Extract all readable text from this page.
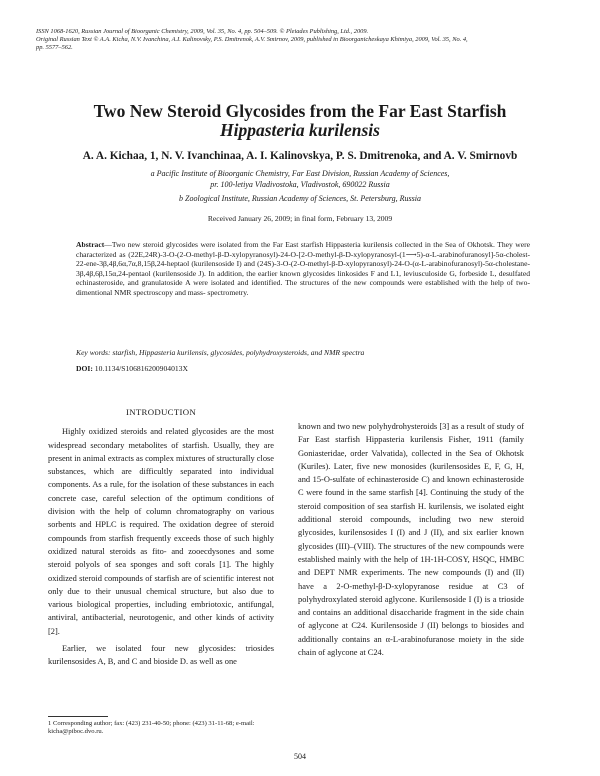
ISSN 1068-1620, Russian Journal of Bioorganic Chemistry, 2009, Vol. 35, No. 4, pp. 504–509. © Pleiades Publishing, Ltd., 2009.
Original Russian Text © A.A. Kicha, N.V. Ivanchina, A.I. Kalinovsky, P.S. Dmitrenok, A.V. Smirnov, 2009, published in Bioorganicheskaya Khimiya, 2009, Vol. 35, No. 4,
pp. 5577–562.
Two New Steroid Glycosides from the Far East Starfish
Hippasteria kurilensis
A. A. Kichaa, 1, N. V. Ivanchinaa, A. I. Kalinovskya, P. S. Dmitrenoka, and A. V. Smirnovb
a Pacific Institute of Bioorganic Chemistry, Far East Division, Russian Academy of Sciences,
pr. 100-letiya Vladivostoka, Vladivostok, 690022 Russia
b Zoological Institute, Russian Academy of Sciences, St. Petersburg, Russia
Received January 26, 2009; in final form, February 13, 2009
Abstract—Two new steroid glycosides were isolated from the Far East starfish Hippasteria kurilensis collected in the Sea of Okhotsk. They were characterized as (22E,24R)-3-O-(2-O-methyl-β-D-xylopyranosyl)-24-O-[2-O-methyl-β-D-xylopyranosyl-(1⟶5)-α-L-arabinofuranosyl]-5α-cholest-22-ene-3β,4β,6α,7α,8,15β,24-heptaol (kurilensoside I) and (24S)-3-O-(2-O-methyl-β-D-xylopyranosyl)-24-O-(α-L-arabinofuranosyl)-5α-cholestane-3β,4β,6β,15α,24-pentaol (kurilensoside J). In addition, the earlier known glycosides linkosides F and L1, leviusculoside G, forbeside L, desulfated echinasteroside, and granulatoside A were isolated and identified. The structures of the new compounds were established with the help of two-dimentional NMR spectroscopy and mass- spectrometry.
Key words: starfish, Hippasteria kurilensis, glycosides, polyhydroxysteroids, and NMR spectra
DOI: 10.1134/S106816200904013X
INTRODUCTION

Highly oxidized steroids and related glycosides are the most widespread secondary metabolites of starfish. Usually, they are present in animal extracts as complex mixtures of structurally close substances, which are difficultly separated into individual components. As a rule, for the isolation of these substances in each concrete case, careful selection of the optimum conditions of division with the help of column chromatography on various sorbents and HPLC is required. The oxidation degree of steroid compounds from starfish frequently exceeds those of such highly oxidized natural steroids as fito- and zooecdysones and some steroid polyols of sea sponges and soft corals [1]. The highly oxidized steroid compounds of starfish are of scientific interest not only due to their unusual chemical structure, but also due to various biological properties, including embriotoxic, antifungal, antiviral, antibacterial, neurotogenic, and other kinds of activity [2].

Earlier, we isolated four new glycosides: triosides kurilensosides A, B, and C and bioside D. as well as one

known and two new polyhydrohysteroids [3] as a result of study of Far East starfish Hippasteria kurilensis Fisher, 1911 (family Goniasteridae, order Valvatida), collected in the Sea of Okhotsk (Kuriles). Later, five new monosides (kurilensosides E, F, G, H, and 15-O-sulfate of echinasteroside C) and known echinasteroside C were found in the same starfish [4]. Continuing the study of the steroid composition of sea starfish H. kurilensis, we isolated eight additional steroid compounds, including two new steroid glycosides, kurilensosides I (I) and J (II), and six earlier known glycosides (III)–(VIII). The structures of the new compounds were established mainly with the help of 1H-1H-COSY, HSQC, HMBC and DEPT NMR experiments. The new compounds (I) and (II) have a 2-O-methyl-β-D-xylopyranose residue at C3 of polyhydroxylated steroid aglycone. Kurilensoside I (I) is a trioside and contains an additional disaccharide fragment in the side chain of aglycone at C24. Kurilensoside J (II) belongs to biosides and additionally contains an α-L-arabinofuranose moiety in the side chain of aglycone at C24.

1 Corresponding author; fax: (423) 231-40-50; phone: (423) 31-11-68; e-mail: kicha@piboc.dvo.ru.
504
